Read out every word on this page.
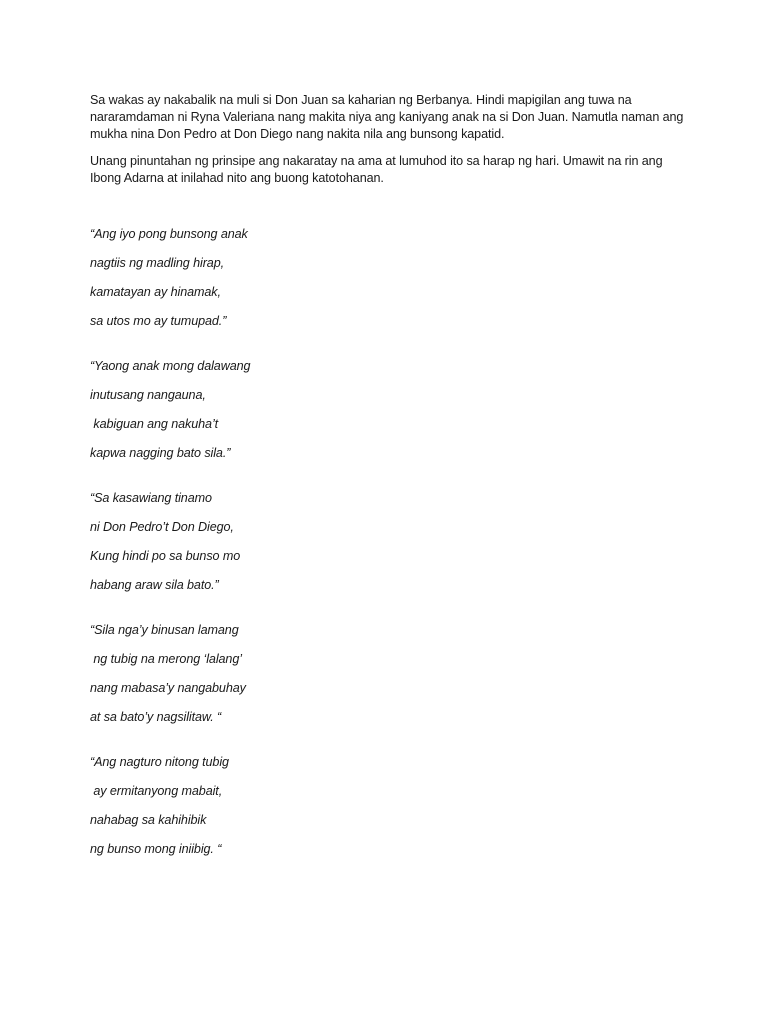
Sa wakas ay nakabalik na muli si Don Juan sa kaharian ng Berbanya. Hindi mapigilan ang tuwa na nararamdaman ni Ryna Valeriana nang makita niya ang kaniyang anak na si Don Juan. Namutla naman ang mukha nina Don Pedro at Don Diego nang nakita nila ang bunsong kapatid.

Unang pinuntahan ng prinsipe ang nakaratay na ama at lumuhod ito sa harap ng hari. Umawit na rin ang Ibong Adarna at inilahad nito ang buong katotohanan.

“Ang iyo pong bunsong anak
nagtiis ng madling hirap,
kamatayan ay hinamak,
sa utos mo ay tumupad.”
“Yaong anak mong dalawang
inutusang nangauna,
kabiguan ang nakuha’t
kapwa nagging bato sila.”
“Sa kasawiang tinamo
ni Don Pedro’t Don Diego,
Kung hindi po sa bunso mo
habang araw sila bato.”
“Sila nga’y binusan lamang
ng tubig na merong ‘lalang’
nang mabasa’y nangabuhay
at sa bato’y nagsilitaw. “
“Ang nagturo nitong tubig
ay ermitanyong mabait,
nahabag sa kahihibik
ng bunso mong iniibig. “
